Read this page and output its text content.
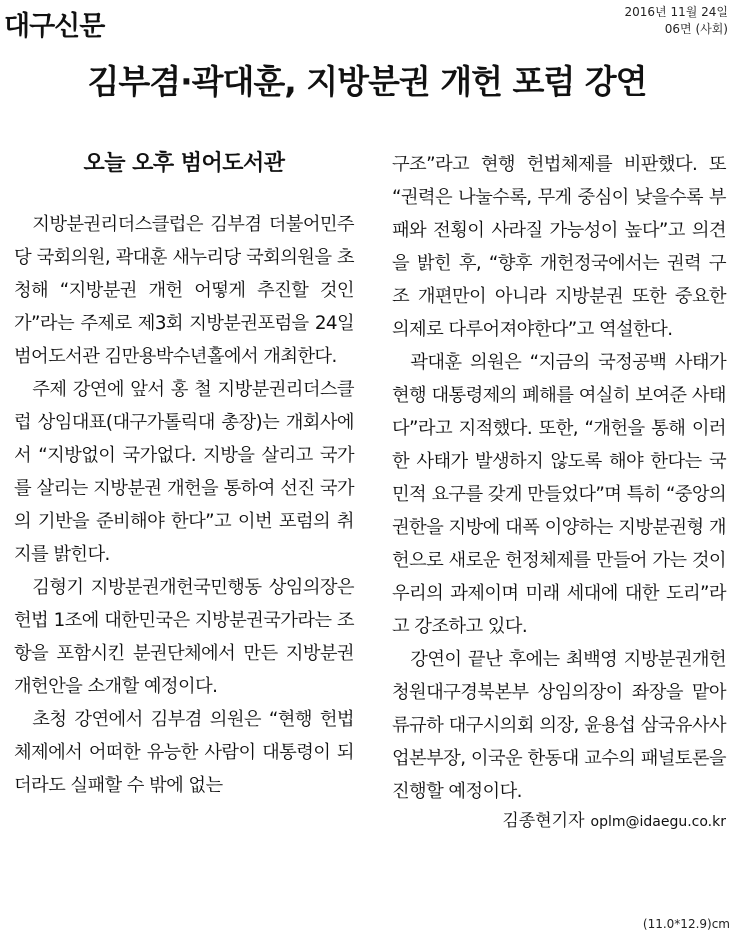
대구신문	2016년 11월 24일
06면 (사회)
김부겸·곽대훈, 지방분권 개헌 포럼 강연
오늘 오후 범어도서관

지방분권리더스클럽은 김부겸 더불어민주당 국회의원, 곽대훈 새누리당 국회의원을 초청해 “지방분권 개헌 어떻게 추진할 것인가”라는 주제로 제3회 지방분권포럼을 24일 범어도서관 김만용박수년홀에서 개최한다.

주제 강연에 앞서 홍 철 지방분권리더스클럽 상임대표(대구가톨릭대 총장)는 개회사에서 “지방없이 국가없다. 지방을 살리고 국가를 살리는 지방분권 개헌을 통하여 선진 국가의 기반을 준비해야 한다”고 이번 포럼의 취지를 밝힌다.

김형기 지방분권개헌국민행동 상임의장은 헌법 1조에 대한민국은 지방분권국가라는 조항을 포함시킨 분권단체에서 만든 지방분권개헌안을 소개할 예정이다.

초청 강연에서 김부겸 의원은 “현행 헌법체제에서 어떠한 유능한 사람이 대통령이 되더라도 실패할 수 밖에 없는

구조”라고 현행 헌법체제를 비판했다. 또 “권력은 나눌수록, 무게 중심이 낮을수록 부패와 전횡이 사라질 가능성이 높다”고 의견을 밝힌 후, “향후 개헌정국에서는 권력 구조 개편만이 아니라 지방분권 또한 중요한 의제로 다루어져야한다”고 역설한다.

곽대훈 의원은 “지금의 국정공백 사태가 현행 대통령제의 폐해를 여실히 보여준 사태다”라고 지적했다. 또한, “개헌을 통해 이러한 사태가 발생하지 않도록 해야 한다는 국민적 요구를 갖게 만들었다”며 특히 “중앙의 권한을 지방에 대폭 이양하는 지방분권형 개헌으로 새로운 헌정체제를 만들어 가는 것이 우리의 과제이며 미래 세대에 대한 도리”라고 강조하고 있다.

강연이 끝난 후에는 최백영 지방분권개헌청원대구경북본부 상임의장이 좌장을 맡아 류규하 대구시의회 의장, 윤용섭 삼국유사사업본부장, 이국운 한동대 교수의 패널토론을 진행할 예정이다.

김종현기자 oplm@idaegu.co.kr
(11.0*12.9)cm
